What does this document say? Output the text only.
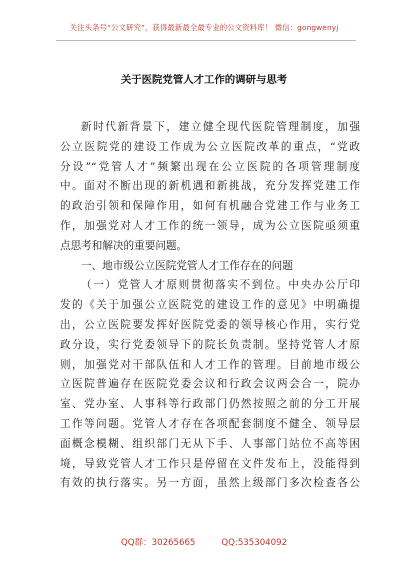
关注头条号“公文研究”，获得最新最全最专业的公文资料库！ 微信：gongwenyj
关于医院党管人才工作的调研与思考
新时代新背景下，建立健全现代医院管理制度，加强
公立医院党的建设工作成为公立医院改革的重点，“党政
分设”“党管人才”频繁出现在公立医院的各项管理制度
中。面对不断出现的新机遇和新挑战，充分发挥党建工作
的政治引领和保障作用，如何有机融合党建工作与业务工
作，加强党对人才工作的统一领导，成为公立医院亟须重
点思考和解决的重要问题。
一、地市级公立医院党管人才工作存在的问题
（一）党管人才原则贯彻落实不到位。中央办公厅印
发的《关于加强公立医院党的建设工作的意见》中明确提
出，公立医院要发挥好医院党委的领导核心作用，实行党
政分设，实行党委领导下的院长负责制。坚持党管人才原
则，加强党对干部队伍和人才工作的管理。目前地市级公
立医院普遍存在医院党委会议和行政会议两会合一，院办
室、党办室、人事科等行政部门仍然按照之前的分工开展
工作等问题。党管人才存在各项配套制度不健全、领导层
面概念模糊、组织部门无从下手、人事部门站位不高等困
境，导致党管人才工作只是停留在文件发布上，没能得到
有效的执行落实。另一方面，虽然上级部门多次检查各公
QQ群：30265665	QQ:535304092
